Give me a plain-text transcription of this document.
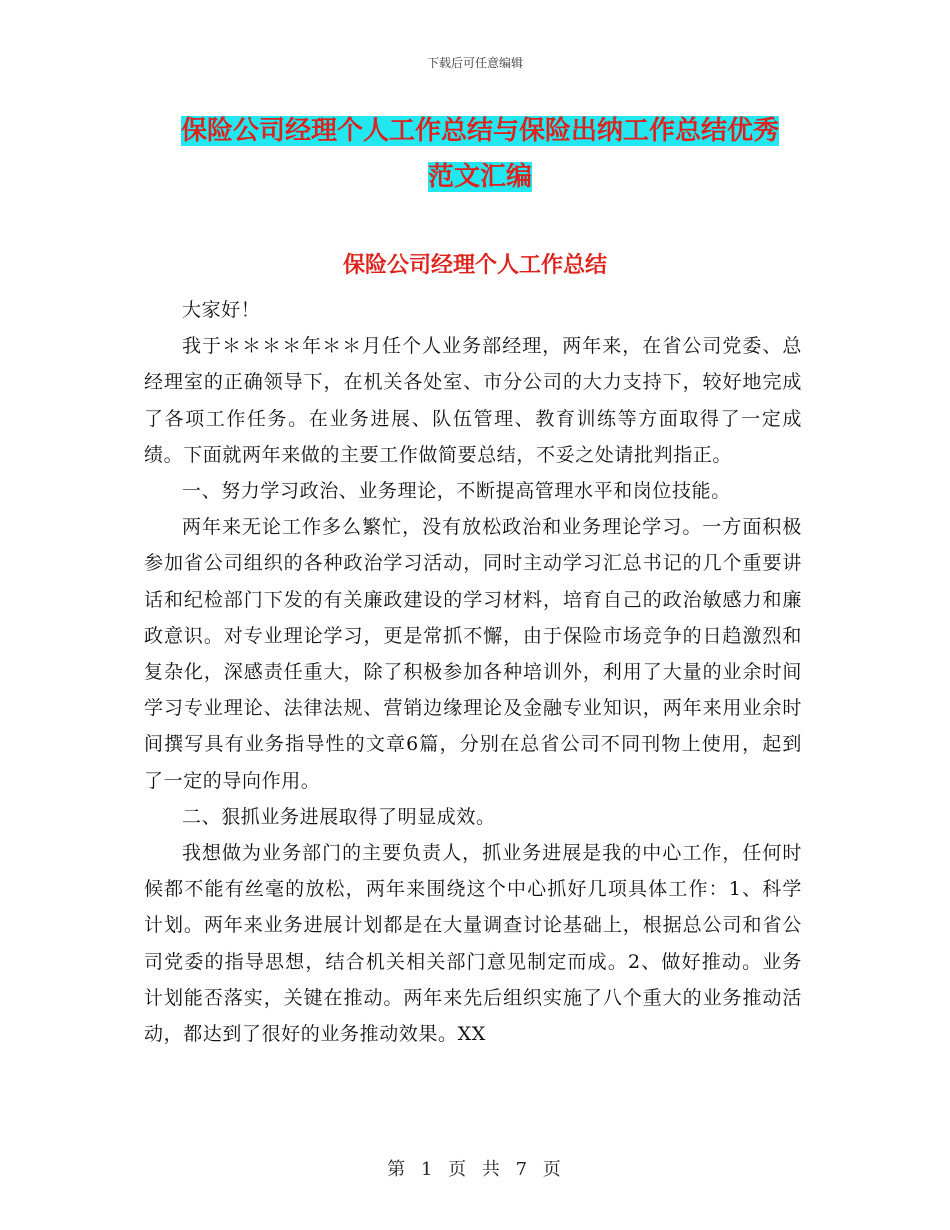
下载后可任意编辑
保险公司经理个人工作总结与保险出纳工作总结优秀
范文汇编
保险公司经理个人工作总结

大家好！

我于＊＊＊＊年＊＊月任个人业务部经理，两年来，在省公司党委、总经理室的正确领导下，在机关各处室、市分公司的大力支持下，较好地完成了各项工作任务。在业务进展、队伍管理、教育训练等方面取得了一定成绩。下面就两年来做的主要工作做简要总结，不妥之处请批判指正。

一、努力学习政治、业务理论，不断提高管理水平和岗位技能。

两年来无论工作多么繁忙，没有放松政治和业务理论学习。一方面积极参加省公司组织的各种政治学习活动，同时主动学习汇总书记的几个重要讲话和纪检部门下发的有关廉政建设的学习材料，培育自己的政治敏感力和廉政意识。对专业理论学习，更是常抓不懈，由于保险市场竞争的日趋激烈和复杂化，深感责任重大，除了积极参加各种培训外，利用了大量的业余时间学习专业理论、法律法规、营销边缘理论及金融专业知识，两年来用业余时间撰写具有业务指导性的文章6篇，分别在总省公司不同刊物上使用，起到了一定的导向作用。

二、狠抓业务进展取得了明显成效。

我想做为业务部门的主要负责人，抓业务进展是我的中心工作，任何时候都不能有丝毫的放松，两年来围绕这个中心抓好几项具体工作：1、科学计划。两年来业务进展计划都是在大量调查讨论基础上，根据总公司和省公司党委的指导思想，结合机关相关部门意见制定而成。2、做好推动。业务计划能否落实，关键在推动。两年来先后组织实施了八个重大的业务推动活动，都达到了很好的业务推动效果。XX

第 1 页 共 7 页
